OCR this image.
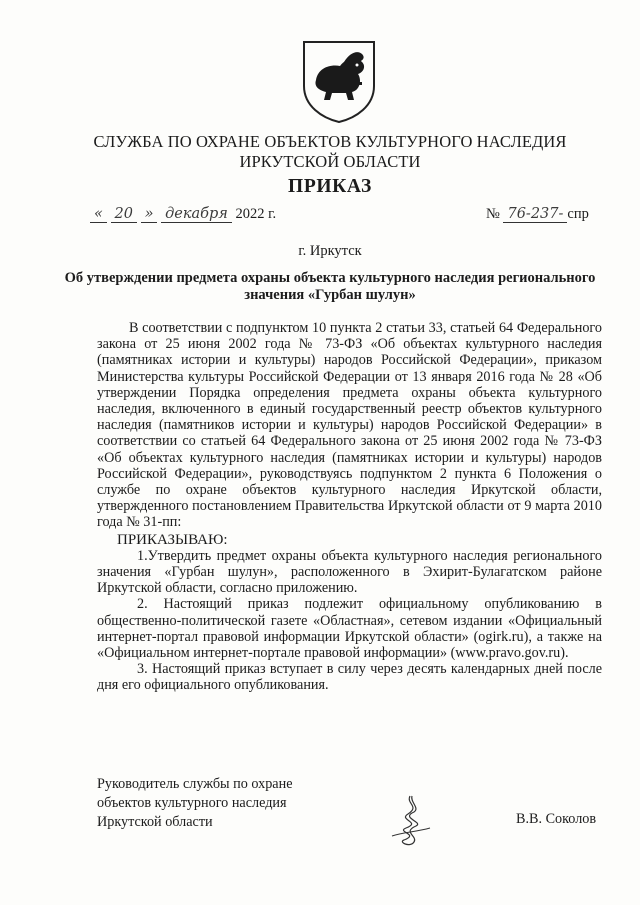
СЛУЖБА ПО ОХРАНЕ ОБЪЕКТОВ КУЛЬТУРНОГО НАСЛЕДИЯ
ИРКУТСКОЙ ОБЛАСТИ
ПРИКАЗ
« 20 » декабря 2022 г.	№ 76-237- спр
г. Иркутск
Об утверждении предмета охраны объекта культурного наследия регионального значения «Гурбан шулун»

В соответствии с подпунктом 10 пункта 2 статьи 33, статьей 64 Федерального закона от 25 июня 2002 года № 73-ФЗ «Об объектах культурного наследия (памятниках истории и культуры) народов Российской Федерации», приказом Министерства культуры Российской Федерации от 13 января 2016 года № 28 «Об утверждении Порядка определения предмета охраны объекта культурного наследия, включенного в единый государственный реестр объектов культурного наследия (памятников истории и культуры) народов Российской Федерации» в соответствии со статьей 64 Федерального закона от 25 июня 2002 года № 73-ФЗ «Об объектах культурного наследия (памятниках истории и культуры) народов Российской Федерации», руководствуясь подпунктом 2 пункта 6 Положения о службе по охране объектов культурного наследия Иркутской области, утвержденного постановлением Правительства Иркутской области от 9 марта 2010 года № 31-пп:

ПРИКАЗЫВАЮ:

1.Утвердить предмет охраны объекта культурного наследия регионального значения «Гурбан шулун», расположенного в Эхирит-Булагатском районе Иркутской области, согласно приложению.

2. Настоящий приказ подлежит официальному опубликованию в общественно-политической газете «Областная», сетевом издании «Официальный интернет-портал правовой информации Иркутской области» (ogirk.ru), а также на «Официальном интернет-портале правовой информации» (www.pravo.gov.ru).

3. Настоящий приказ вступает в силу через десять календарных дней после дня его официального опубликования.

Руководитель службы по охране
объектов культурного наследия
Иркутской области	В.В. Соколов
